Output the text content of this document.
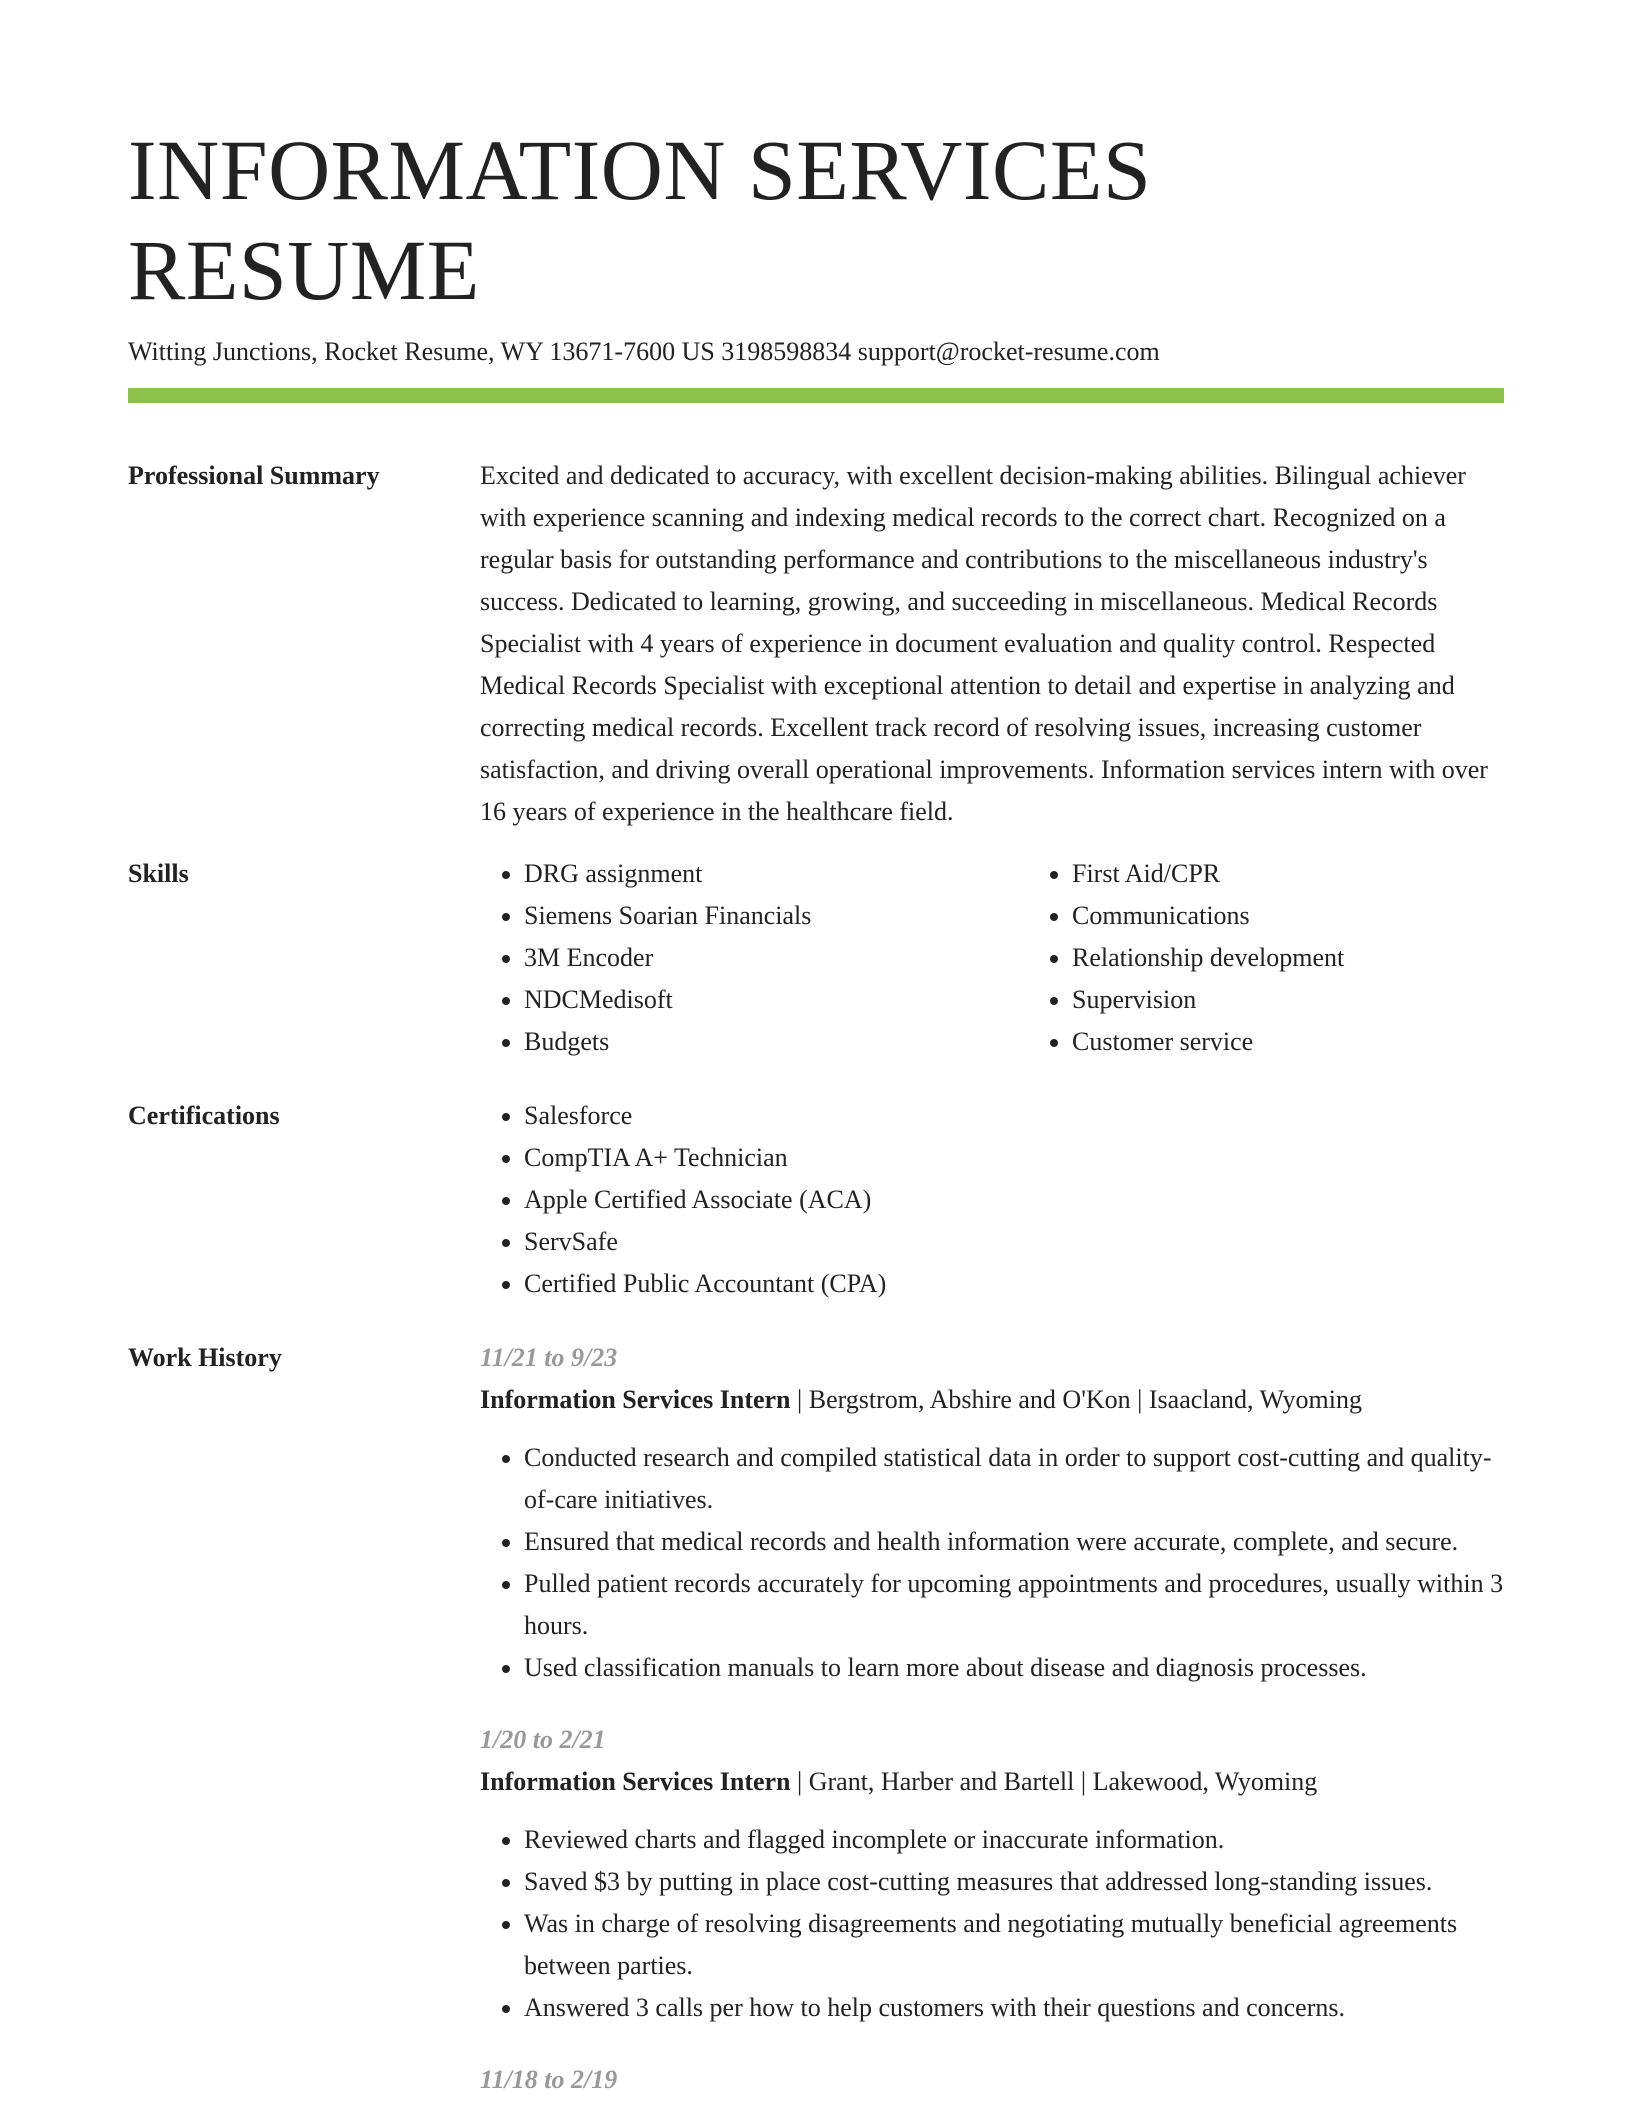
INFORMATION SERVICES RESUME
Witting Junctions, Rocket Resume, WY 13671-7600 US 3198598834 support@rocket-resume.com
Professional Summary	Excited and dedicated to accuracy, with excellent decision-making abilities. Bilingual achiever with experience scanning and indexing medical records to the correct chart. Recognized on a regular basis for outstanding performance and contributions to the miscellaneous industry's success. Dedicated to learning, growing, and succeeding in miscellaneous. Medical Records Specialist with 4 years of experience in document evaluation and quality control. Respected Medical Records Specialist with exceptional attention to detail and expertise in analyzing and correcting medical records. Excellent track record of resolving issues, increasing customer satisfaction, and driving overall operational improvements. Information services intern with over 16 years of experience in the healthcare field.

Skills	• DRG assignment
• Siemens Soarian Financials
• 3M Encoder
• NDCMedisoft
• Budgets
• First Aid/CPR
• Communications
• Relationship development
• Supervision
• Customer service
Certifications	• Salesforce
• CompTIA A+ Technician
• Apple Certified Associate (ACA)
• ServSafe
• Certified Public Accountant (CPA)
Work History	11/21 to 9/23
Information Services Intern | Bergstrom, Abshire and O'Kon | Isaacland, Wyoming
• Conducted research and compiled statistical data in order to support cost-cutting and quality-of-care initiatives.
• Ensured that medical records and health information were accurate, complete, and secure.
• Pulled patient records accurately for upcoming appointments and procedures, usually within 3 hours.
• Used classification manuals to learn more about disease and diagnosis processes.
1/20 to 2/21
Information Services Intern | Grant, Harber and Bartell | Lakewood, Wyoming
• Reviewed charts and flagged incomplete or inaccurate information.
• Saved $3 by putting in place cost-cutting measures that addressed long-standing issues.
• Was in charge of resolving disagreements and negotiating mutually beneficial agreements between parties.
• Answered 3 calls per how to help customers with their questions and concerns.
11/18 to 2/19
